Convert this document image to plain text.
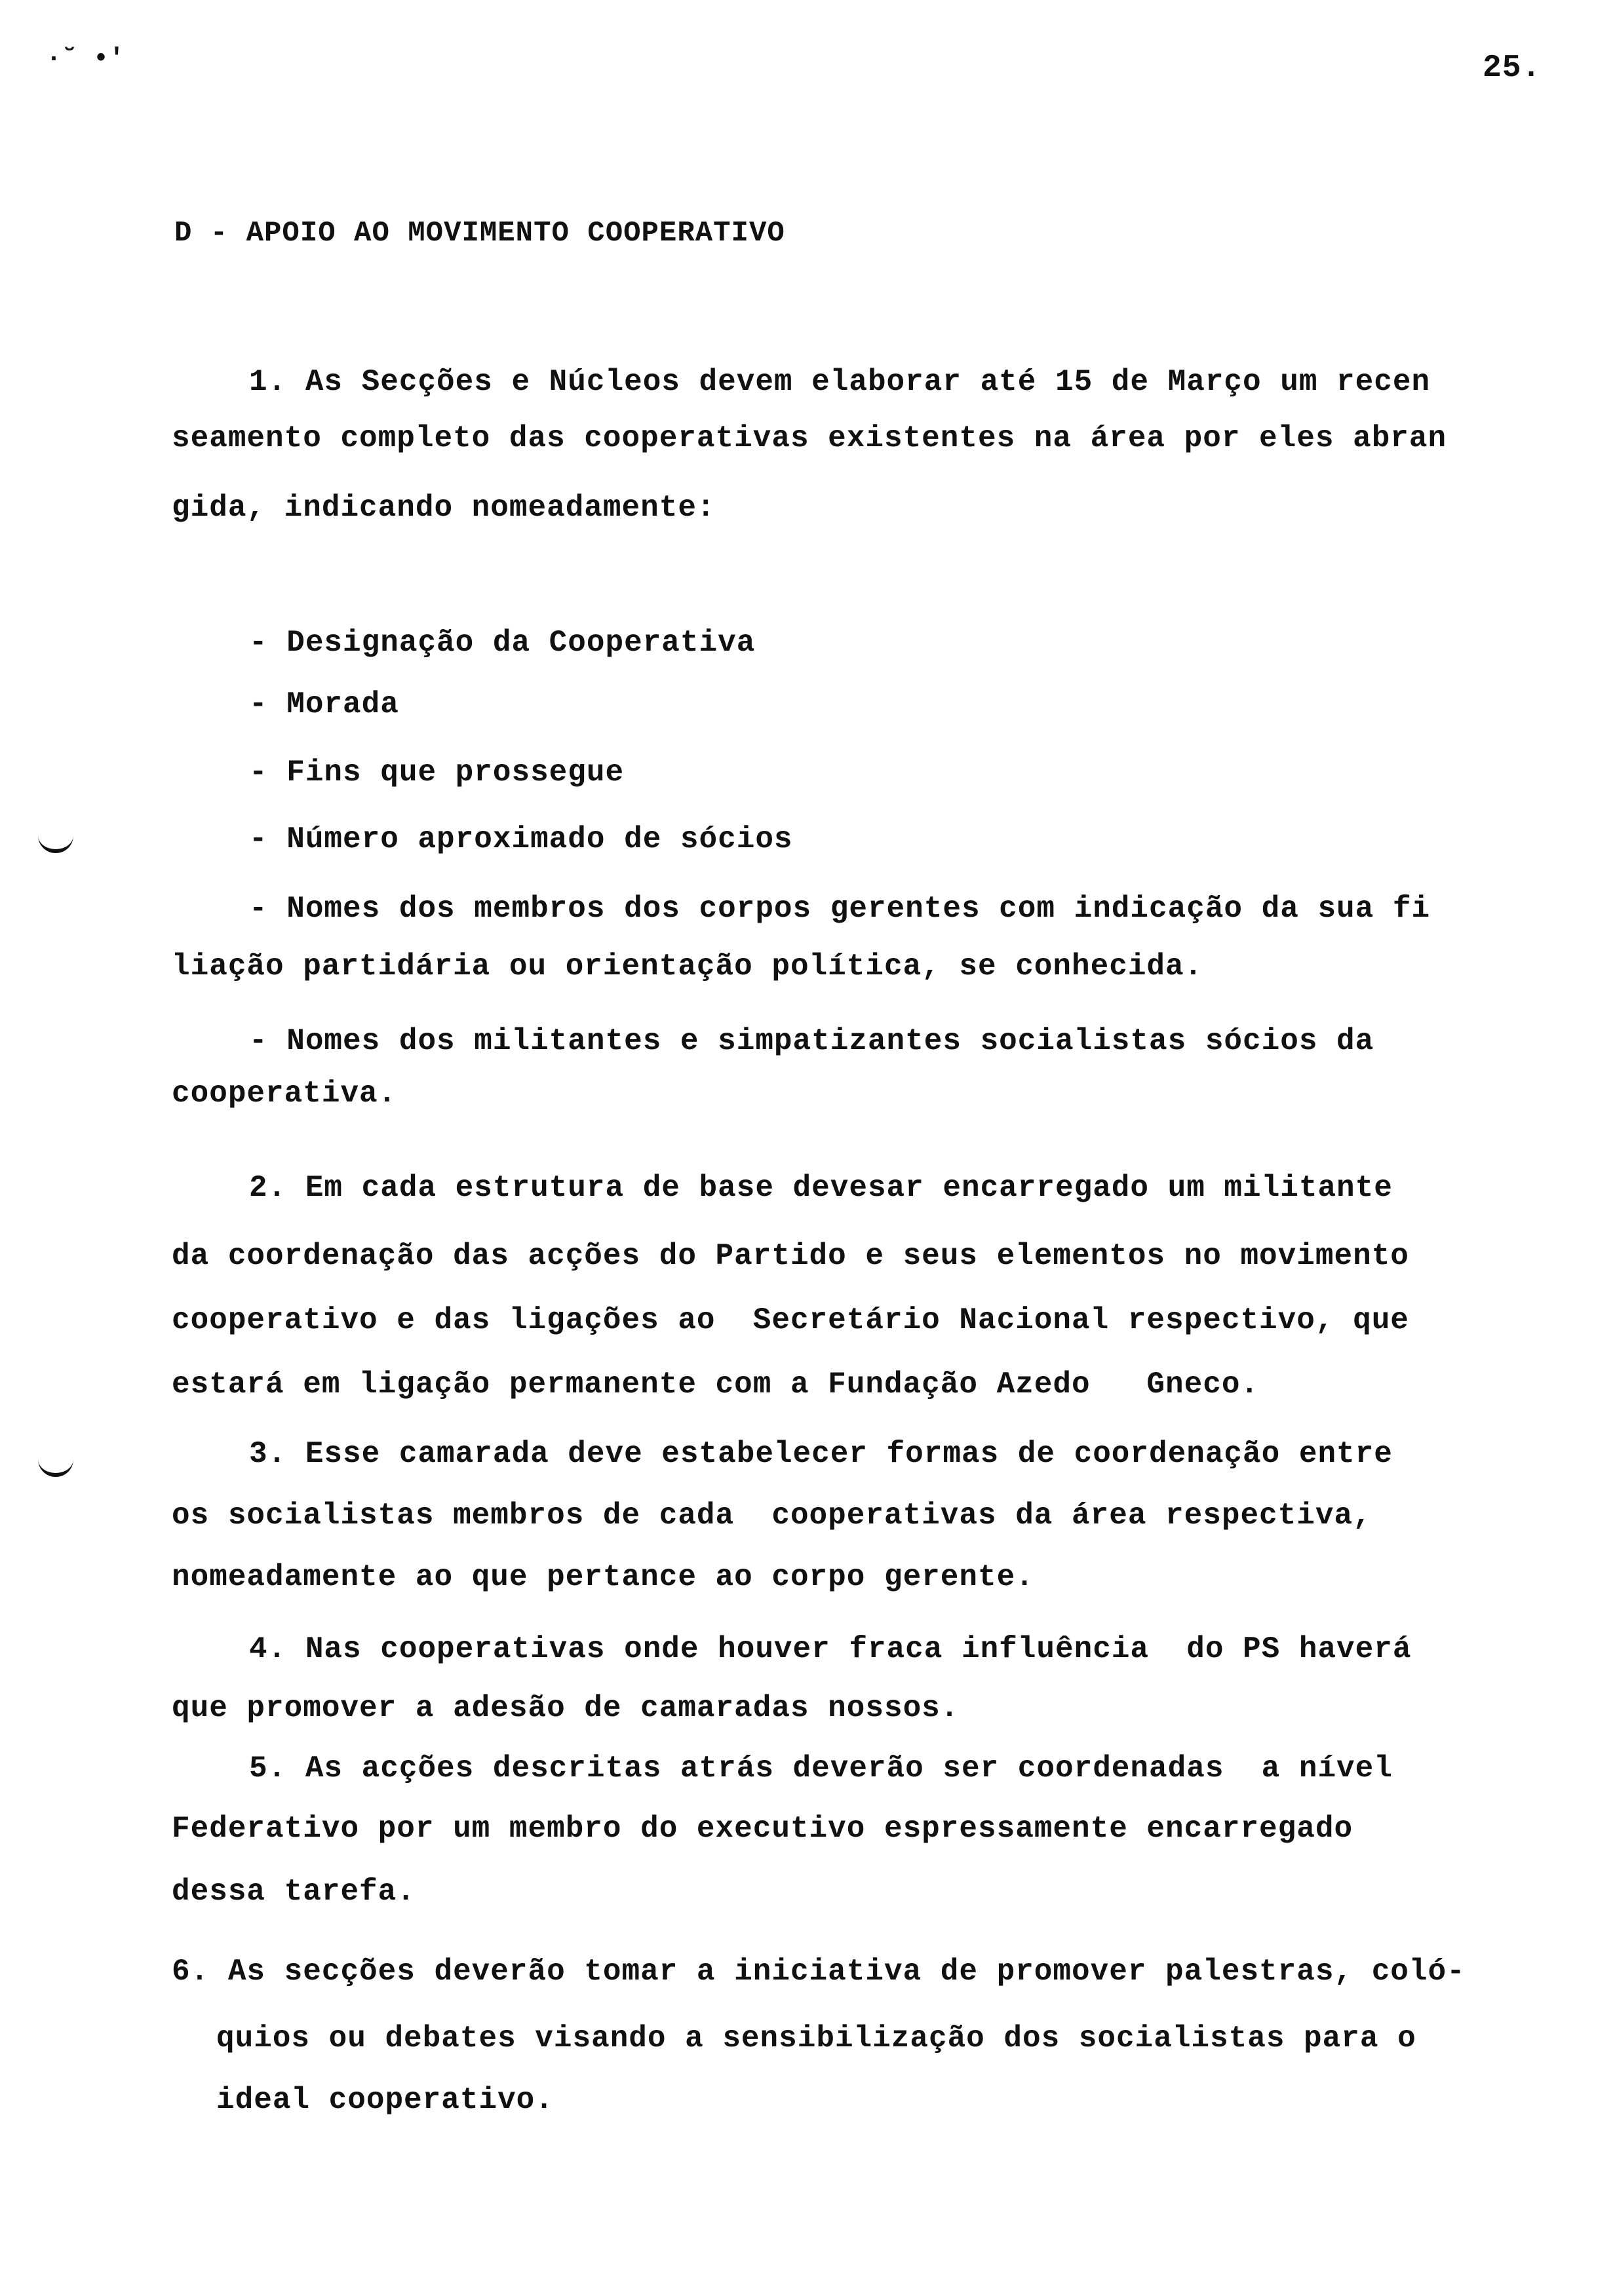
·˘ •'	25.
D - APOIO AO MOVIMENTO COOPERATIVO
1. As Secções e Núcleos devem elaborar até 15 de Março um recen
seamento completo das cooperativas existentes na área por eles abran
gida, indicando nomeadamente:
- Designação da Cooperativa
- Morada
- Fins que prossegue
- Número aproximado de sócios
- Nomes dos membros dos corpos gerentes com indicação da sua fi
liação partidária ou orientação política, se conhecida.
- Nomes dos militantes e simpatizantes socialistas sócios da
cooperativa.
2. Em cada estrutura de base devesar encarregado um militante
da coordenação das acções do Partido e seus elementos no movimento
cooperativo e das ligações ao  Secretário Nacional respectivo, que
estará em ligação permanente com a Fundação Azedo   Gneco.
3. Esse camarada deve estabelecer formas de coordenação entre
os socialistas membros de cada  cooperativas da área respectiva,
nomeadamente ao que pertance ao corpo gerente.
4. Nas cooperativas onde houver fraca influência  do PS haverá
que promover a adesão de camaradas nossos.
5. As acções descritas atrás deverão ser coordenadas  a nível
Federativo por um membro do executivo espressamente encarregado
dessa tarefa.
6. As secções deverão tomar a iniciativa de promover palestras, coló-
quios ou debates visando a sensibilização dos socialistas para o
ideal cooperativo.
